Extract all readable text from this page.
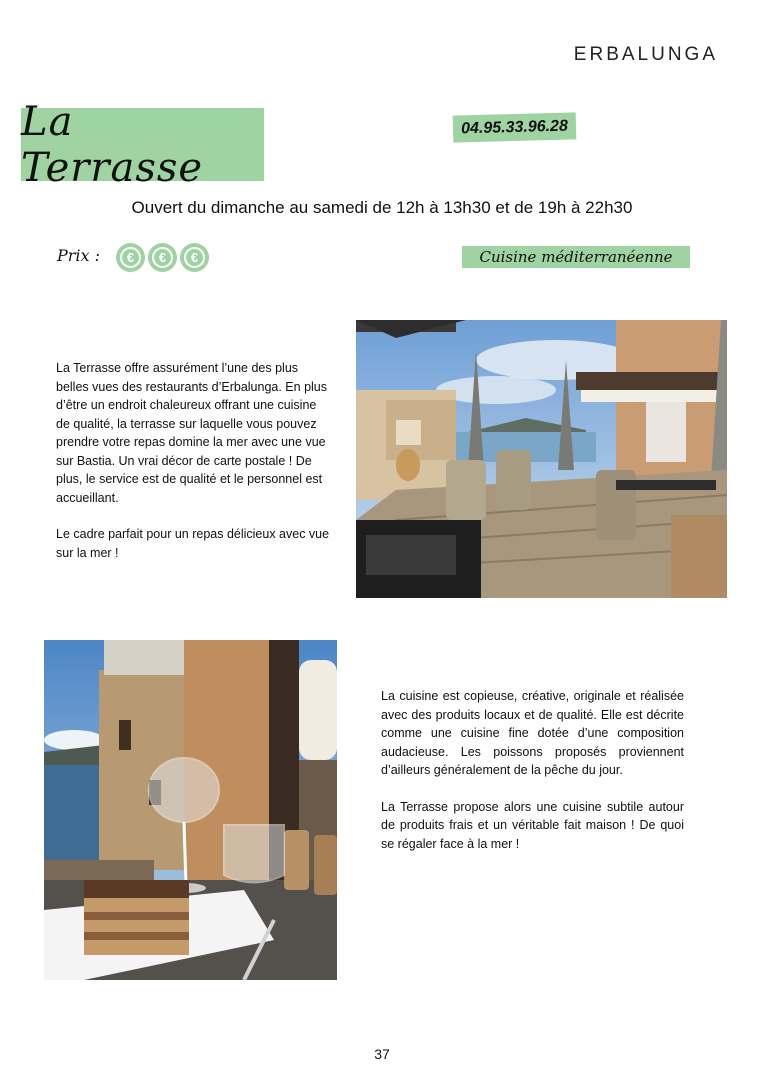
ERBALUNGA
La Terrasse
04.95.33.96.28
Ouvert du dimanche au samedi de 12h à 13h30 et de 19h à 22h30
Prix :	€	€	€	Cuisine méditerranéenne

La Terrasse offre assurément l’une des plus belles vues des restaurants d’Erbalunga. En plus d’être un endroit chaleureux offrant une cuisine de qualité, la terrasse sur laquelle vous pouvez prendre votre repas domine la mer avec une vue sur Bastia. Un vrai décor de carte postale ! De plus, le service est de qualité et le personnel est accueillant.

Le cadre parfait pour un repas délicieux avec vue sur la mer !

La cuisine est copieuse, créative, originale et réalisée avec des produits locaux et de qualité. Elle est décrite comme une cuisine fine dotée d’une composition audacieuse. Les poissons proposés proviennent d’ailleurs généralement de la pêche du jour.

La Terrasse propose alors une cuisine subtile autour de produits frais et un véritable fait maison ! De quoi se régaler face à la mer !

37
